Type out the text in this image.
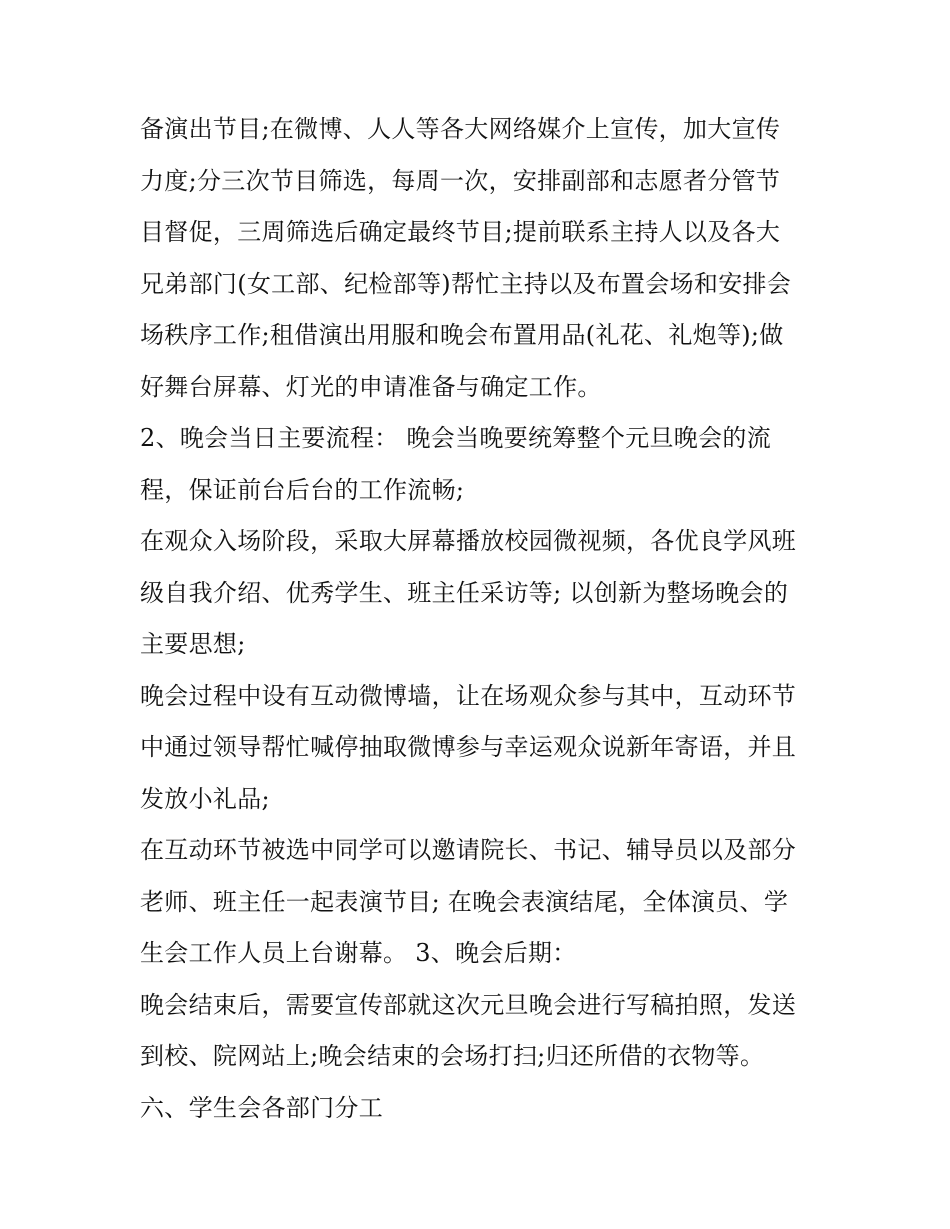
备演出节目;在微博、人人等各大网络媒介上宣传，加大宣传
力度;分三次节目筛选，每周一次，安排副部和志愿者分管节
目督促，三周筛选后确定最终节目;提前联系主持人以及各大
兄弟部门(女工部、纪检部等)帮忙主持以及布置会场和安排会
场秩序工作;租借演出用服和晚会布置用品(礼花、礼炮等);做
好舞台屏幕、灯光的申请准备与确定工作。
2、晚会当日主要流程： 晚会当晚要统筹整个元旦晚会的流
程，保证前台后台的工作流畅;
在观众入场阶段，采取大屏幕播放校园微视频，各优良学风班
级自我介绍、优秀学生、班主任采访等; 以创新为整场晚会的
主要思想;
晚会过程中设有互动微博墙，让在场观众参与其中，互动环节
中通过领导帮忙喊停抽取微博参与幸运观众说新年寄语，并且
发放小礼品;
在互动环节被选中同学可以邀请院长、书记、辅导员以及部分
老师、班主任一起表演节目; 在晚会表演结尾，全体演员、学
生会工作人员上台谢幕。 3、晚会后期：
晚会结束后，需要宣传部就这次元旦晚会进行写稿拍照，发送
到校、院网站上;晚会结束的会场打扫;归还所借的衣物等。
六、学生会各部门分工
